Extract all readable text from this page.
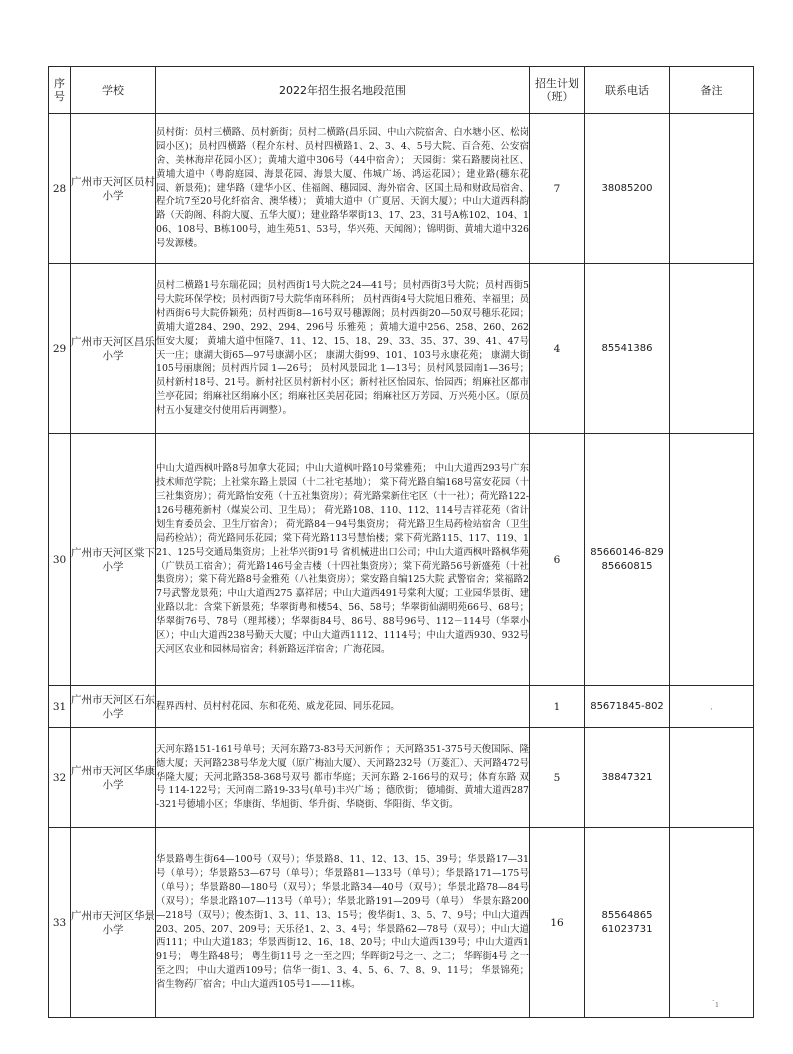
序号	学校	2022年招生报名地段范围	招生计划（班）	联系电话	备注
28	广州市天河区员村小学	员村街：员村三横路、员村新街；员村二横路(昌乐园、中山六院宿舍、白水塘小区、松岗园小区)；员村四横路（程介东村、员村四横路1、2、3、4、5号大院、百合苑、公安宿舍、美林海岸花园小区）；黄埔大道中306号（44中宿舍）； 天园街：棠石路腰岗社区、 黄埔大道中（粤韵庭园、海景花园、海景大厦、伟城广场、鸿运花园）；建业路(穗东花园、新景苑)；建华路（建华小区、佳福阁、穗园园、海外宿舍、区国土局和财政局宿舍、程介坑7至20号化纤宿舍、澳华楼）； 黄埔大道中（广夏居、天润大厦）；中山大道西科韵路（天韵阁、科韵大厦、五华大厦）；建业路华翠街13、17、23、31号A栋102、104、106、108号、B栋100号，迪生苑51、53号，华兴苑、天闻阁）；锦明街、黄埔大道中326号发源楼。	7	38085200	
29	广州市天河区昌乐小学	员村二横路1号东瑞花园；员村西街1号大院之24—41号；员村西街3号大院；员村西街5号大院环保学校；员村西街7号大院华南环科所； 员村西街4号大院旭日雅苑、幸福里；员村西街6号大院侨颖苑；员村西街8—16号双号穗源阁；员村西街20—50双号穗乐花园；黄埔大道284、290、292、294、296号 乐雅苑 ；黄埔大道中256、258、260、262恒安大厦； 黄埔大道中恒隆7、11、12、15、18、29、33、35、37、39、41、47号 天一庄；康湖大街65—97号康湖小区； 康湖大街99、101、103号永康花苑； 康湖大街105号丽康阁；员村西片园 1—26号； 员村风景园北 1—13号；员村风景园南1—36号； 员村新村18号、21号。新村社区员村新村小区；新村社区怡园东、怡园西；绢麻社区都市兰亭花园；绢麻社区绢麻小区；绢麻社区美居花园；绢麻社区万芳园、万兴苑小区。（原员村五小复建交付使用后再调整）。	4	85541386	
30	广州市天河区棠下小学	中山大道西枫叶路8号加拿大花园；中山大道枫叶路10号棠雅苑； 中山大道西293号广东技术师范学院；上社棠东路上景园（十二社宅基地）； 棠下荷光路自编168号富安花园（十三社集资房）；荷光路怡安苑（十五社集资房）；荷光路棠新住宅区（十一社）；荷光路122-126号穗苑新村（煤炭公司、卫生局）； 荷光路108、110、112、114号吉祥花苑（省计划生育委员会、卫生厅宿舍）； 荷光路84－94号集资房； 荷光路卫生局药检站宿舍（卫生局药检站）；荷光路同乐花园；棠下荷光路113号慧怡楼；棠下荷光路115、117、119、121、125号交通局集资房；上社华兴街91号 省机械进出口公司；中山大道西枫叶路枫华苑（广铁员工宿舍）；荷光路146号金吉楼（十四社集资房）；棠下荷光路56号新盛苑（十社集资房）；棠下荷光路8号金雅苑（八社集资房）；棠安路自编125大院 武警宿舍；棠福路27号武警龙景苑；中山大道西275 嘉祥居；中山大道西491号棠利大厦；工业园华景街、建业路以北：含棠下新景苑；华翠街粤和楼54、56、58号；华翠街仙湖明苑66号、68号；华翠街76号、78号（理邦楼）；华翠街84号、86号、88号96号、112－114号（华翠小区）；中山大道西238号勤天大厦；中山大道西1112、1114号；中山大道西930、932号天河区农业和园林局宿舍；科新路远洋宿舍；广海花园。	6	85660146-829 85660815	
31	广州市天河区石东小学	程界西村、员村村花园、东和花苑、威龙花园、同乐花园。	1	85671845-802	·
32	广州市天河区华康小学	天河东路151-161号单号；天河东路73-83号天河新作 ；天河路351-375号天俊国际、隆德大厦；天河路238号华龙大厦（原广梅汕大厦）、天河路232号（万菱汇）、天河路472号华隆大厦；天河北路358-368号双号 都市华庭；天河东路 2-166号的双号；体育东路 双号 114-122号；天河南二路19-33号(单号)丰兴广场 ；德欣街； 德埔街、黄埔大道西287-321号德埔小区；华康街、华旭街、华升街、华晓街、华阳街、华文街。	5	38847321	
33	广州市天河区华景小学	华景路粤生街64—100号（双号）；华景路8、11、12、13、15、39号；华景路17—31号（单号）；华景路53—67号（单号）；华景路81—133号（单号）；华景路171—175号（单号）；华景路80—180号（双号）；华景北路34—40号（双号）；华景北路78—84号（双号）；华景北路107—113号（单号）；华景北路191—209号（单号） 华景东路200—218号（双号）；俊杰街1、3、11、13、15号；俊华街1、3、5、7、9号；中山大道西203、205、207、209号；天乐径1、2、3、4号；华景路62—78号（双号）；中山大道西111；中山大道183；华景西街12、16、18、20号；中山大道西139号；中山大道西191号； 粤生路48号； 粤生街11号 之一至之四；华晖街2号之一、之二； 华晖街4号 之一至之四； 中山大道西109号；信华一街1、3、4、5、6、7、8、9、11号； 华景锦苑；省生物药厂宿舍；中山大道西105号1——11栋。	16	85564865 61023731	
˙ı
